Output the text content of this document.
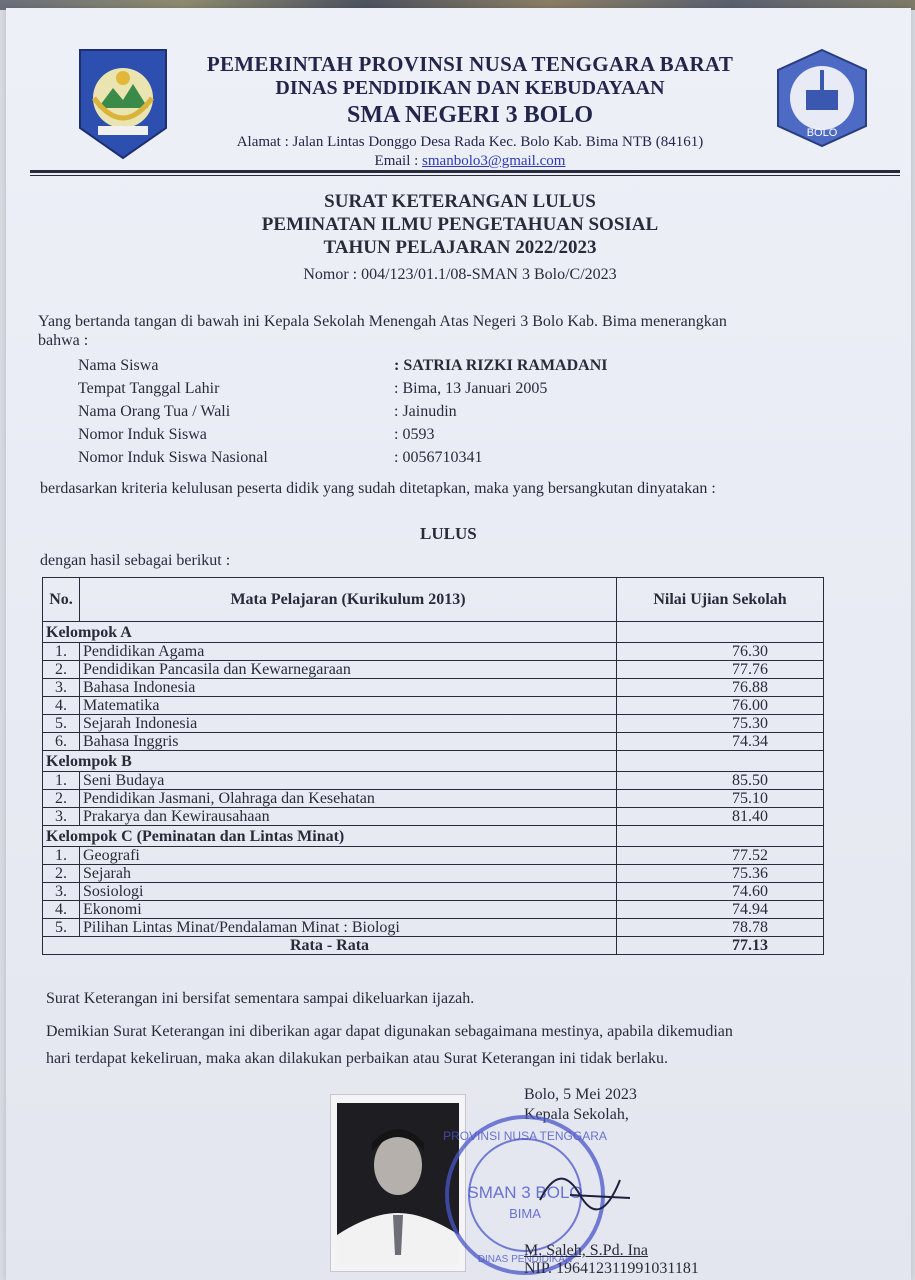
BOLO
PEMERINTAH PROVINSI NUSA TENGGARA BARAT
DINAS PENDIDIKAN DAN KEBUDAYAAN
SMA NEGERI 3 BOLO
Alamat : Jalan Lintas Donggo Desa Rada Kec. Bolo Kab. Bima NTB (84161)
Email : smanbolo3@gmail.com
SURAT KETERANGAN LULUS
PEMINATAN ILMU PENGETAHUAN SOSIAL
TAHUN PELAJARAN 2022/2023
Nomor : 004/123/01.1/08-SMAN 3 Bolo/C/2023
Yang bertanda tangan di bawah ini Kepala Sekolah Menengah Atas Negeri 3 Bolo Kab. Bima menerangkan bahwa :
Nama Siswa	: SATRIA RIZKI RAMADANI
Tempat Tanggal Lahir	: Bima, 13 Januari 2005
Nama Orang Tua / Wali	: Jainudin
Nomor Induk Siswa	: 0593
Nomor Induk Siswa Nasional	: 0056710341
berdasarkan kriteria kelulusan peserta didik yang sudah ditetapkan, maka yang bersangkutan dinyatakan :
LULUS
dengan hasil sebagai berikut :
No.	Mata Pelajaran (Kurikulum 2013)	Nilai Ujian Sekolah
Kelompok A		
1.	Pendidikan Agama	76.30
2.	Pendidikan Pancasila dan Kewarnegaraan	77.76
3.	Bahasa Indonesia	76.88
4.	Matematika	76.00
5.	Sejarah Indonesia	75.30
6.	Bahasa Inggris	74.34
Kelompok B		
1.	Seni Budaya	85.50
2.	Pendidikan Jasmani, Olahraga dan Kesehatan	75.10
3.	Prakarya dan Kewirausahaan	81.40
Kelompok C (Peminatan dan Lintas Minat)		
1.	Geografi	77.52
2.	Sejarah	75.36
3.	Sosiologi	74.60
4.	Ekonomi	74.94
5.	Pilihan Lintas Minat/Pendalaman Minat : Biologi	78.78
Rata - Rata		77.13
Surat Keterangan ini bersifat sementara sampai dikeluarkan ijazah.
Demikian Surat Keterangan ini diberikan agar dapat digunakan sebagaimana mestinya, apabila dikemudian hari terdapat kekeliruan, maka akan dilakukan perbaikan atau Surat Keterangan ini tidak berlaku.
Bolo, 5 Mei 2023
Kepala Sekolah,
PROVINSI NUSA TENGGARA
SMAN 3 BOLO
BIMA
DINAS PENDIDIKAN
M. Saleh, S.Pd. Ina
NIP. 196412311991031181
